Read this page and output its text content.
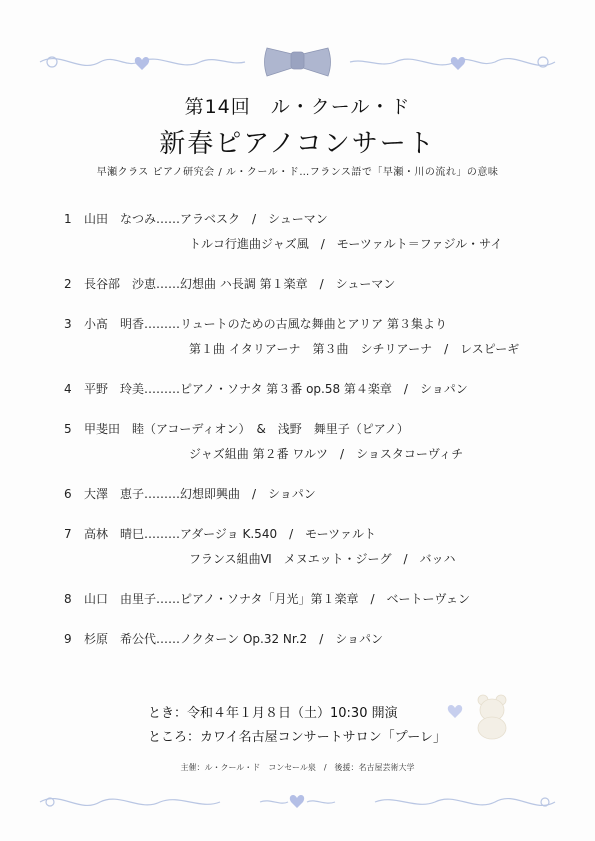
第14回　ル・クール・ド
新春ピアノコンサート
早瀬クラス ピアノ研究会 / ル・クール・ド…フランス語で「早瀬・川の流れ」の意味
1 山田　なつみ……アラベスク　/　シューマン
トルコ行進曲ジャズ風　/　モーツァルト＝ファジル・サイ
2 長谷部　沙恵……幻想曲 ハ長調 第１楽章　/　シューマン
3 小髙　明香………リュートのための古風な舞曲とアリア 第３集より
第１曲 イタリアーナ　第３曲　シチリアーナ　/　レスピーギ
4 平野　玲美………ピアノ・ソナタ 第３番 op.58 第４楽章　/　ショパン
5 甲斐田　睦（アコーディオン）　&　浅野　舞里子（ピアノ）
ジャズ組曲 第２番 ワルツ　/　ショスタコーヴィチ
6 大澤　恵子………幻想即興曲　/　ショパン
7 高林　晴巳………アダージョ K.540　/　モーツァルト
フランス組曲Ⅵ　メヌエット・ジーグ　/　バッハ
8 山口　由里子……ピアノ・ソナタ「月光」第１楽章　/　ベートーヴェン
9 杉原　希公代……ノクターン Op.32 Nr.2　/　ショパン
とき：令和４年１月８日（土）10:30 開演
ところ：カワイ名古屋コンサートサロン「プーレ」
主催：ル・クール・ド　コンセール泉　/　後援：名古屋芸術大学
